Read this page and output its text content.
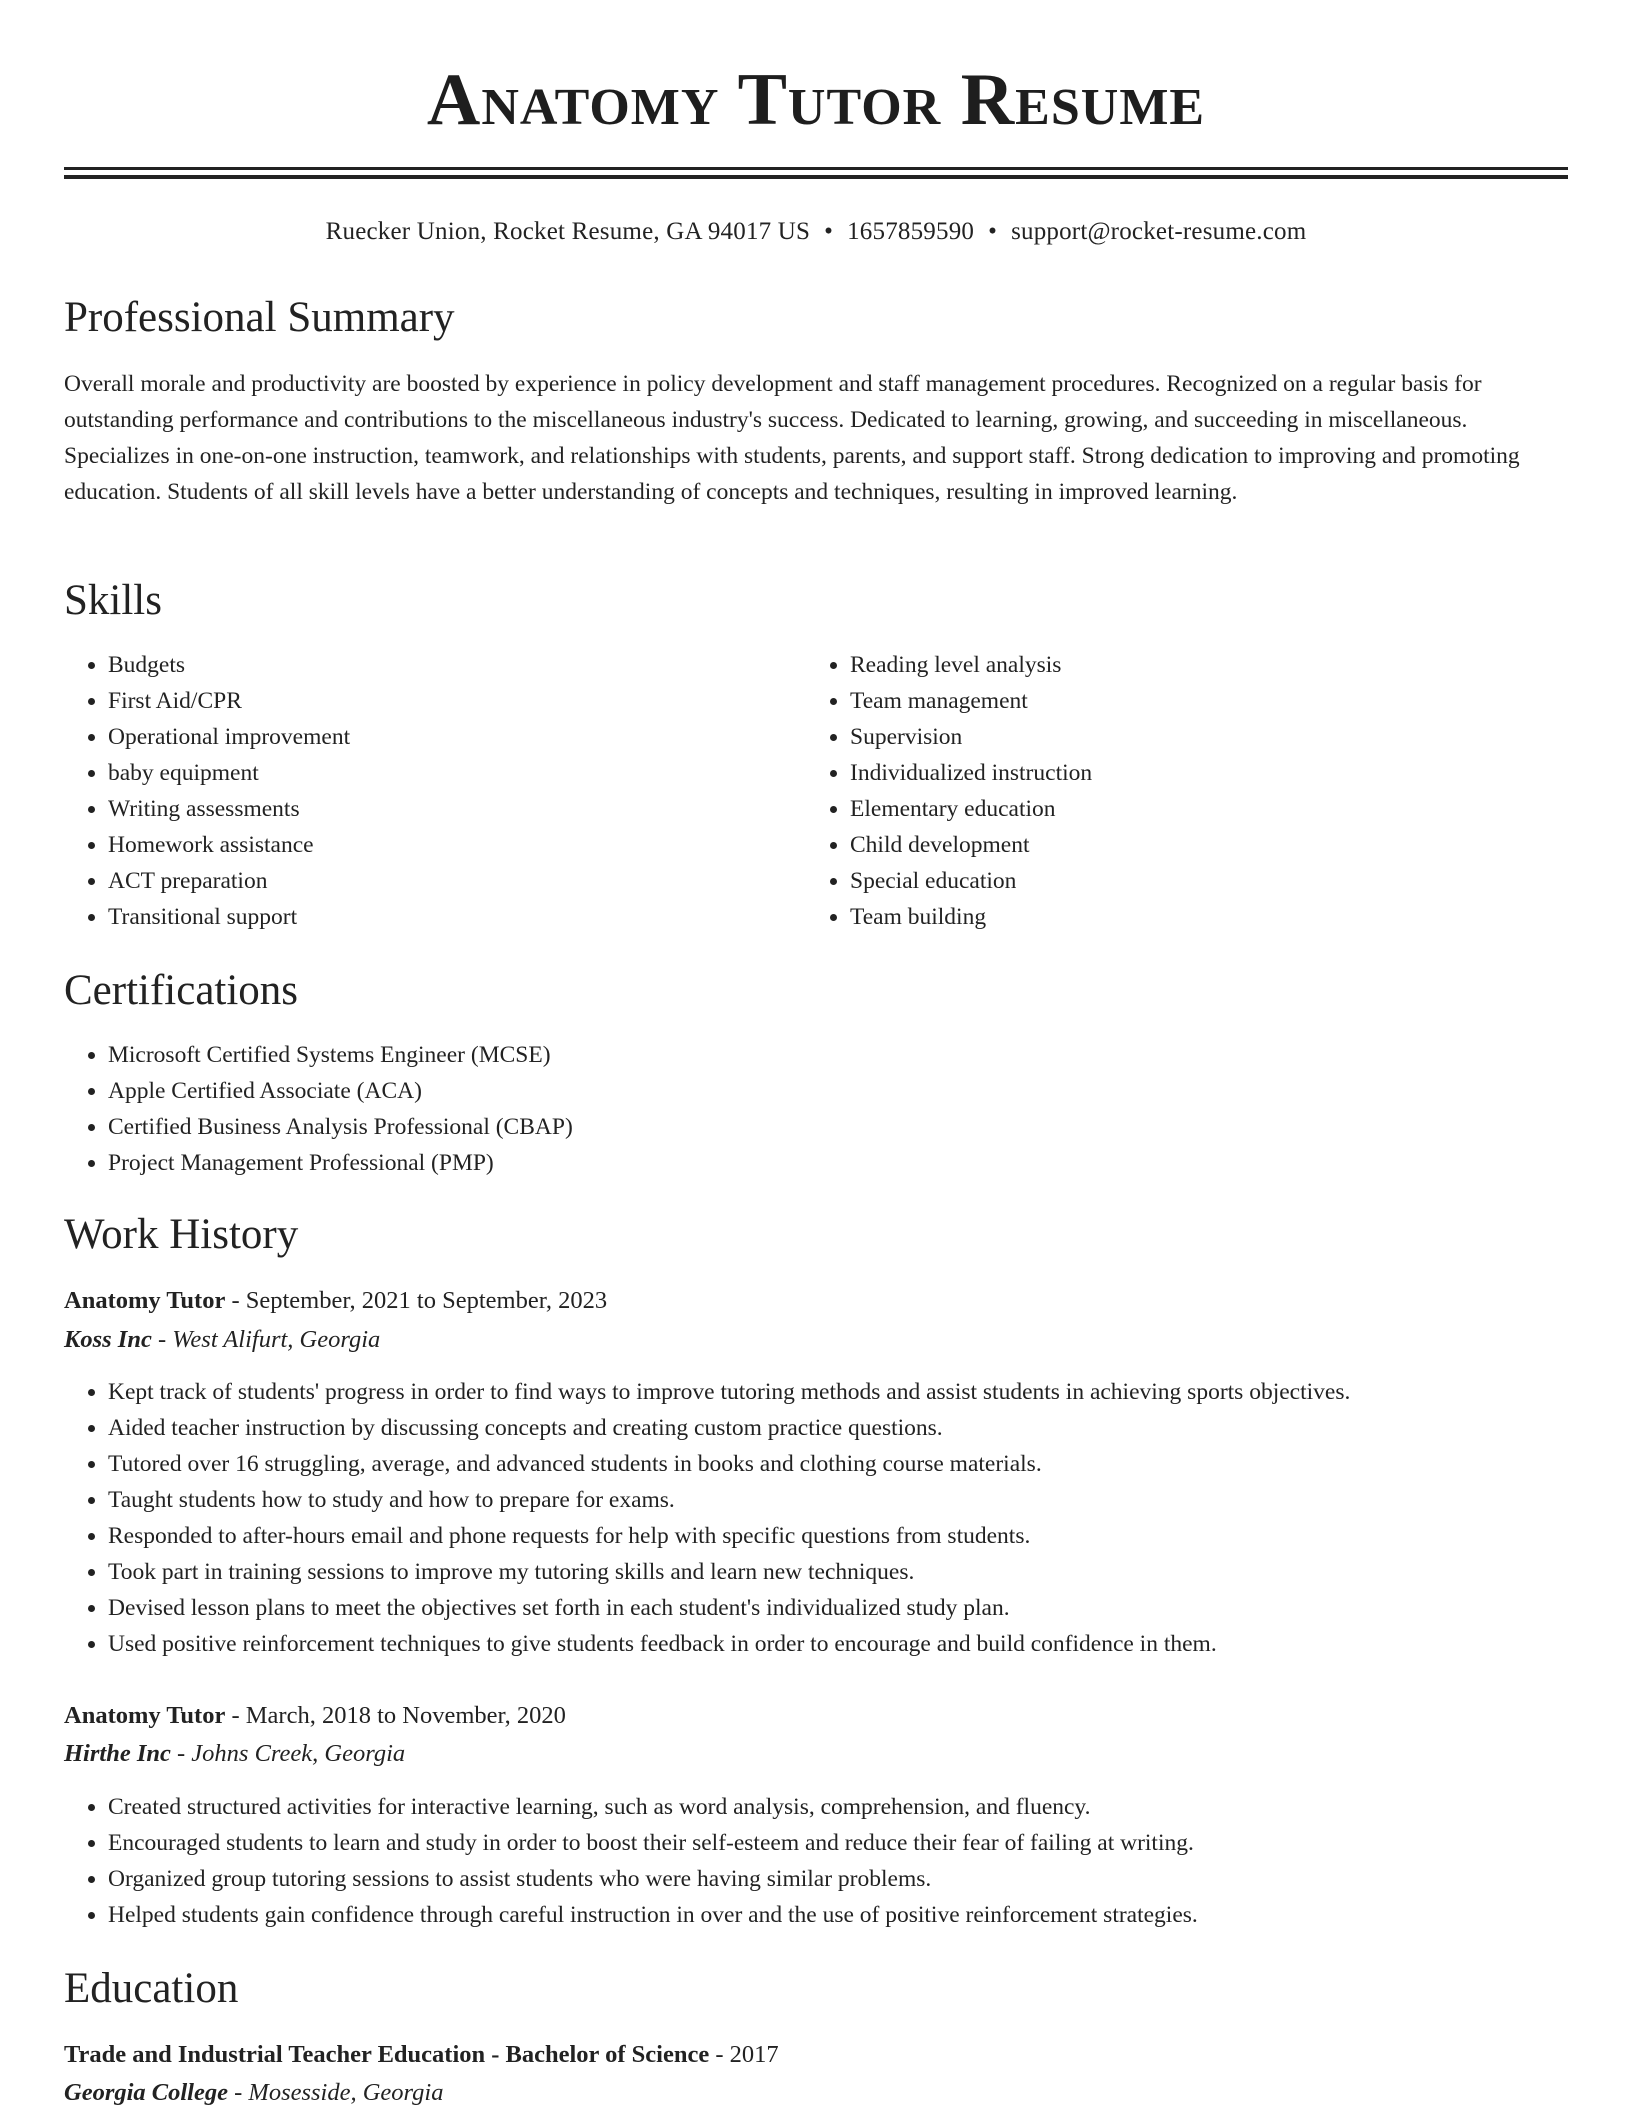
Anatomy Tutor Resume
Ruecker Union, Rocket Resume, GA 94017 US • 1657859590 • support@rocket-resume.com
Professional Summary

Overall morale and productivity are boosted by experience in policy development and staff management procedures. Recognized on a regular basis for outstanding performance and contributions to the miscellaneous industry's success. Dedicated to learning, growing, and succeeding in miscellaneous. Specializes in one-on-one instruction, teamwork, and relationships with students, parents, and support staff. Strong dedication to improving and promoting education. Students of all skill levels have a better understanding of concepts and techniques, resulting in improved learning.

Skills
• Budgets
• First Aid/CPR
• Operational improvement
• baby equipment
• Writing assessments
• Homework assistance
• ACT preparation
• Transitional support
• Reading level analysis
• Team management
• Supervision
• Individualized instruction
• Elementary education
• Child development
• Special education
• Team building
Certifications
• Microsoft Certified Systems Engineer (MCSE)
• Apple Certified Associate (ACA)
• Certified Business Analysis Professional (CBAP)
• Project Management Professional (PMP)
Work History
Anatomy Tutor - September, 2021 to September, 2023
Koss Inc - West Alifurt, Georgia
• Kept track of students' progress in order to find ways to improve tutoring methods and assist students in achieving sports objectives.
• Aided teacher instruction by discussing concepts and creating custom practice questions.
• Tutored over 16 struggling, average, and advanced students in books and clothing course materials.
• Taught students how to study and how to prepare for exams.
• Responded to after-hours email and phone requests for help with specific questions from students.
• Took part in training sessions to improve my tutoring skills and learn new techniques.
• Devised lesson plans to meet the objectives set forth in each student's individualized study plan.
• Used positive reinforcement techniques to give students feedback in order to encourage and build confidence in them.
Anatomy Tutor - March, 2018 to November, 2020
Hirthe Inc - Johns Creek, Georgia
• Created structured activities for interactive learning, such as word analysis, comprehension, and fluency.
• Encouraged students to learn and study in order to boost their self-esteem and reduce their fear of failing at writing.
• Organized group tutoring sessions to assist students who were having similar problems.
• Helped students gain confidence through careful instruction in over and the use of positive reinforcement strategies.
Education
Trade and Industrial Teacher Education - Bachelor of Science - 2017
Georgia College - Mosesside, Georgia
